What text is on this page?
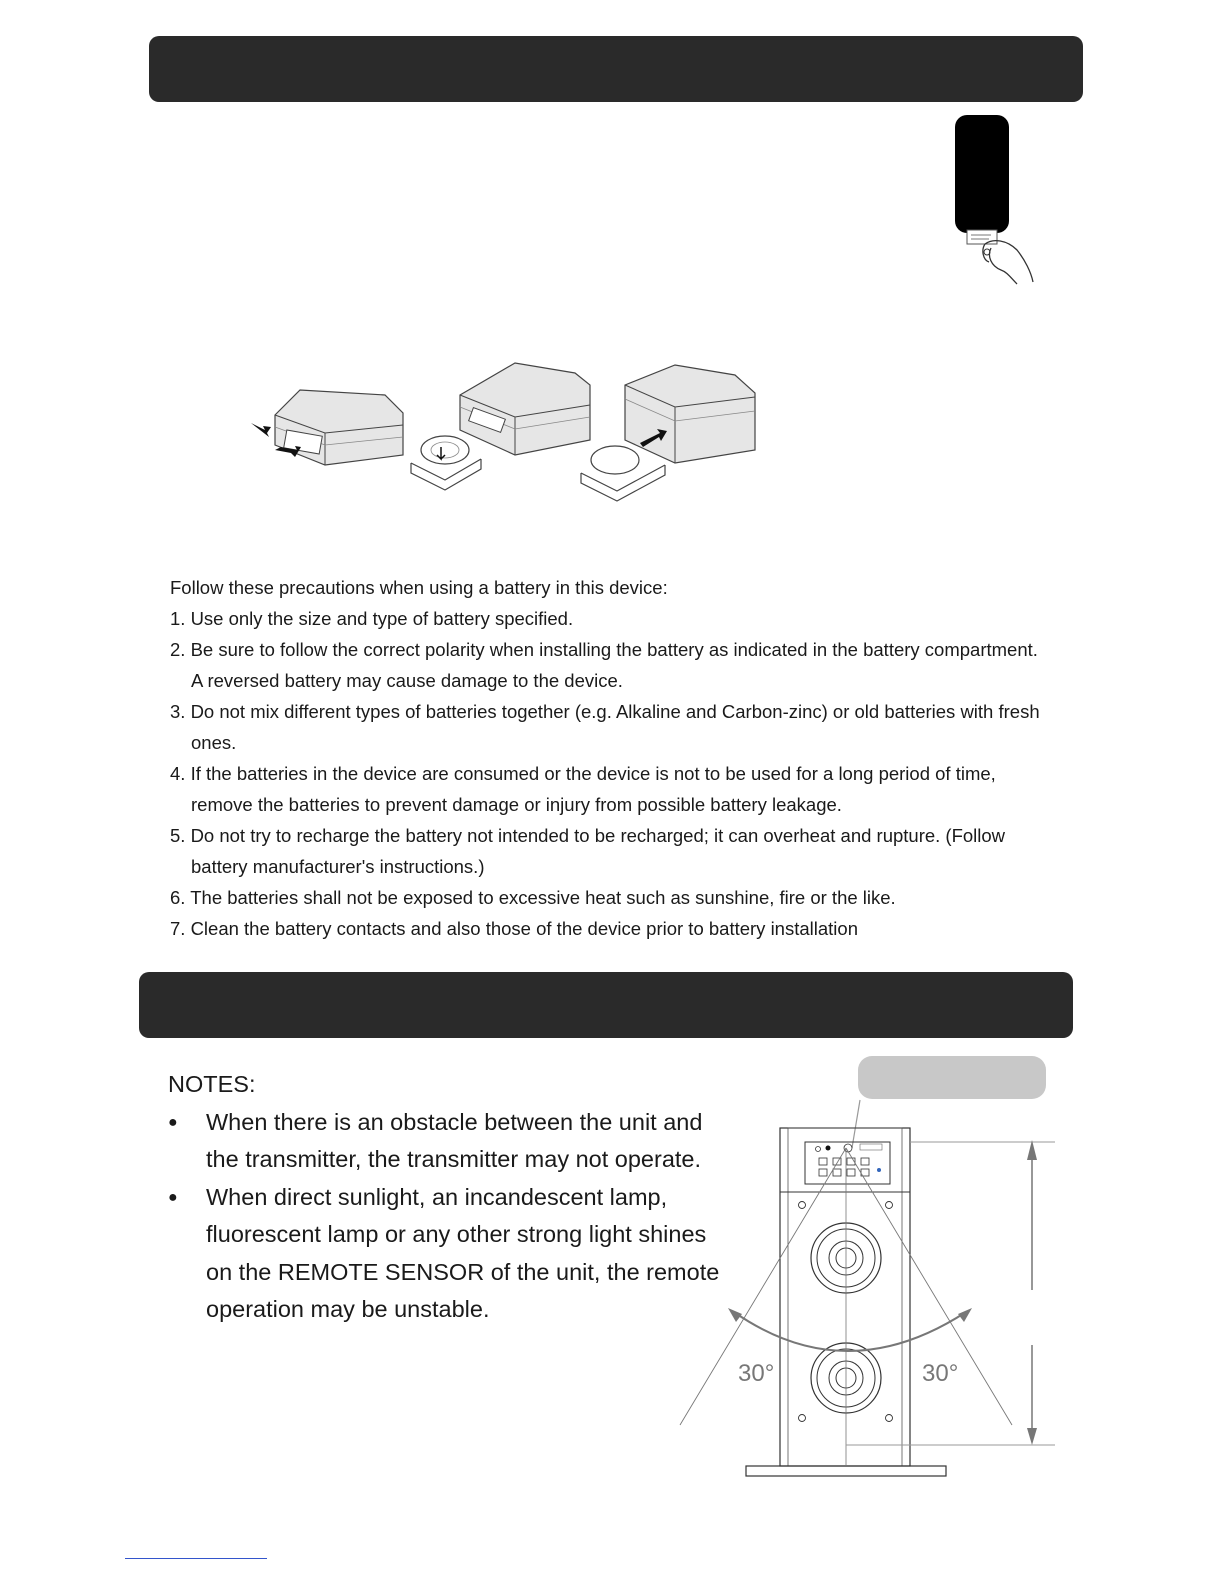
Follow these precautions when using a battery in this device:

1. Use only the size and type of battery specified.
2. Be sure to follow the correct polarity when installing the battery as indicated in the battery compartment. A reversed battery may cause damage to the device.
3. Do not mix different types of batteries together (e.g. Alkaline and Carbon-zinc) or old batteries with fresh ones.
4. If the batteries in the device are consumed or the device is not to be used for a long period of time, remove the batteries to prevent damage or injury from possible battery leakage.
5. Do not try to recharge the battery not intended to be recharged; it can overheat and rupture. (Follow battery manufacturer's instructions.)
6. The batteries shall not be exposed to excessive heat such as sunshine, fire or the like.
7. Clean the battery contacts and also those of the device prior to battery installation

NOTES:

● When there is an obstacle between the unit and the transmitter, the transmitter may not operate.
● When direct sunlight, an incandescent lamp, fluorescent lamp or any other strong light shines on the REMOTE SENSOR of the unit, the remote operation may be unstable.
30°	30°
